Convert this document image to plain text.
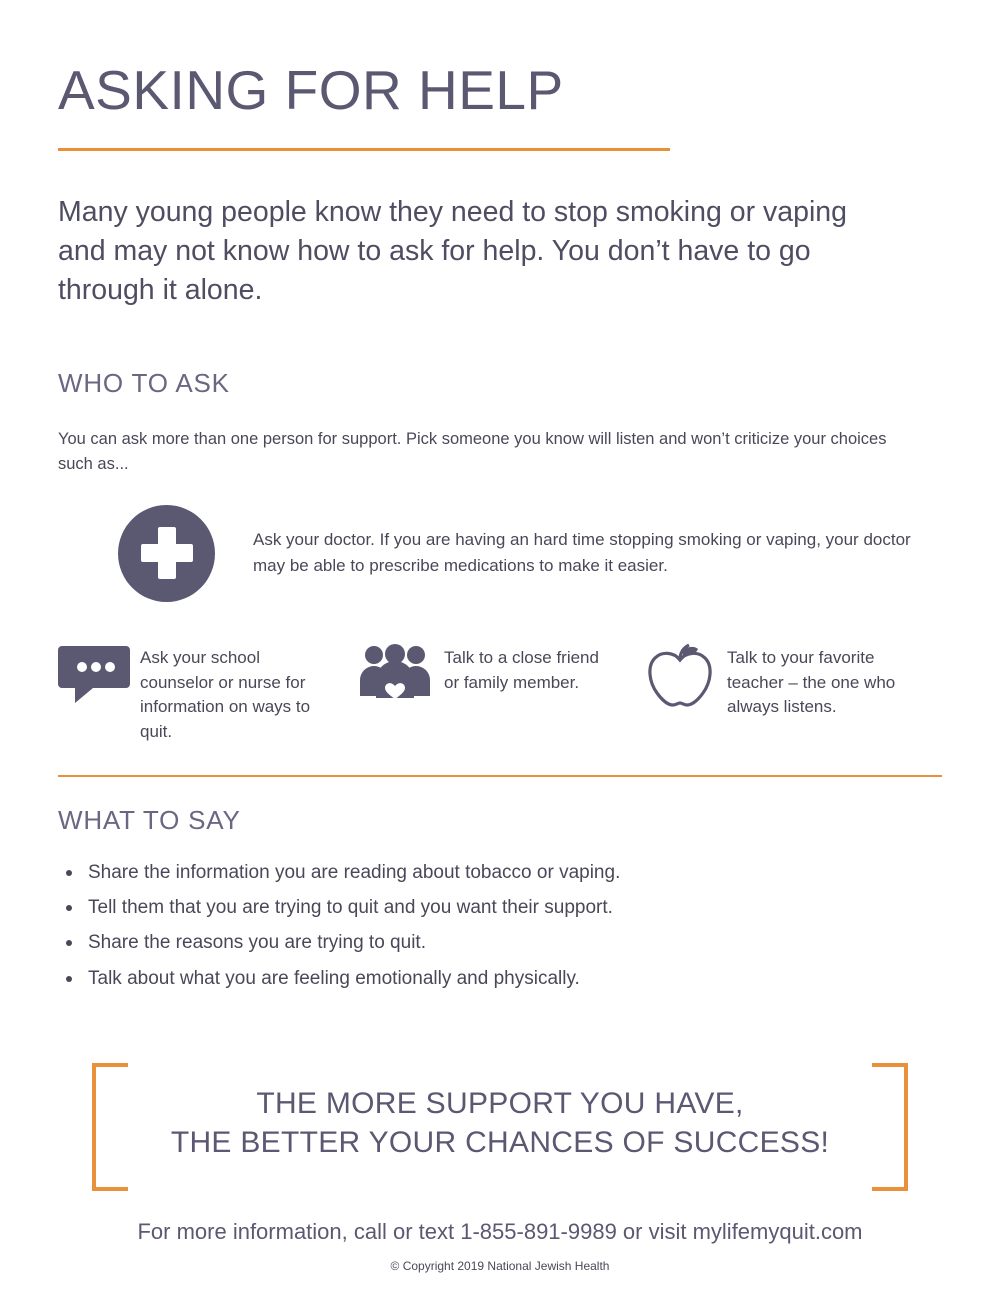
ASKING FOR HELP

Many young people know they need to stop smoking or vaping and may not know how to ask for help. You don’t have to go through it alone.

WHO TO ASK

You can ask more than one person for support. Pick someone you know will listen and won’t criticize your choices such as...

Ask your doctor. If you are having an hard time stopping smoking or vaping, your doctor may be able to prescribe medications to make it easier.
Ask your school counselor or nurse for information on ways to quit.
Talk to a close friend or family member.
Talk to your favorite teacher – the one who always listens.
WHAT TO SAY
Share the information you are reading about tobacco or vaping.
Tell them that you are trying to quit and you want their support.
Share the reasons you are trying to quit.
Talk about what you are feeling emotionally and physically.
THE MORE SUPPORT YOU HAVE,
THE BETTER YOUR CHANCES OF SUCCESS!
For more information, call or text 1-855-891-9989 or visit mylifemyquit.com
© Copyright 2019 National Jewish Health
